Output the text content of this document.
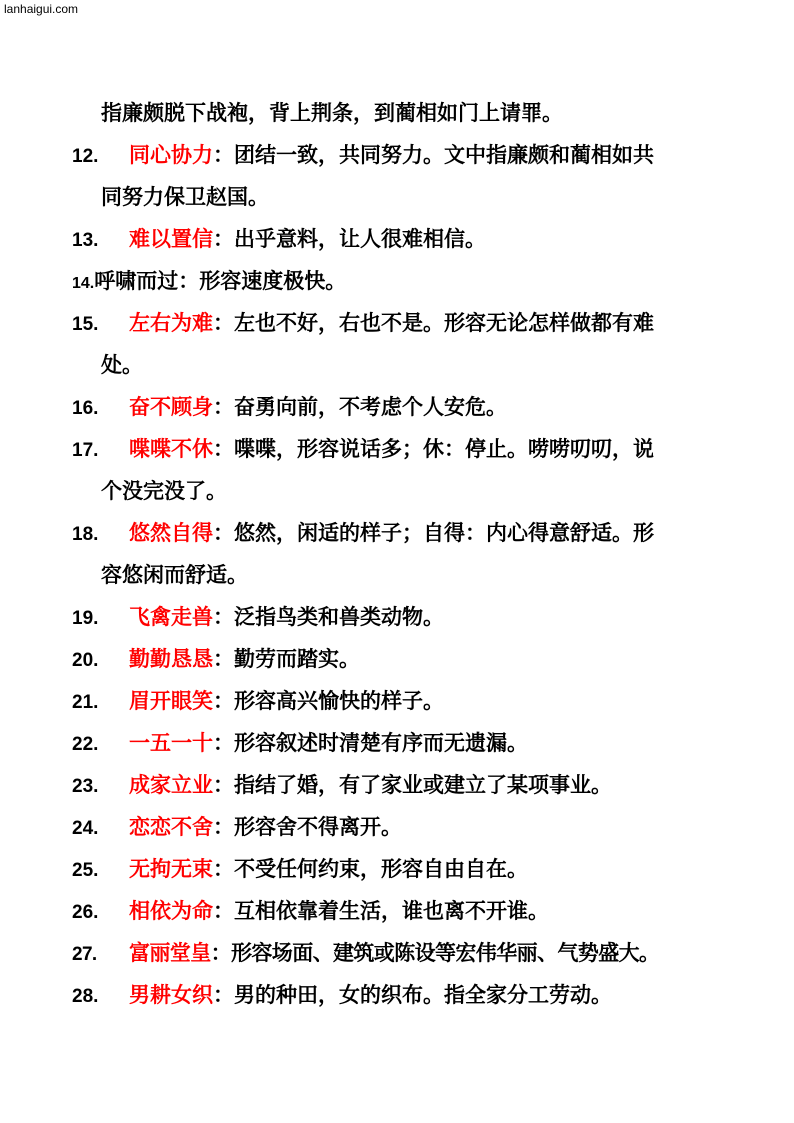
lanhaigui.com
指廉颇脱下战袍，背上荆条，到蔺相如门上请罪。
12. 同心协力：团结一致，共同努力。文中指廉颇和蔺相如共
同努力保卫赵国。
13. 难以置信：出乎意料，让人很难相信。
14.呼啸而过：形容速度极快。
15. 左右为难：左也不好，右也不是。形容无论怎样做都有难
处。
16. 奋不顾身：奋勇向前，不考虑个人安危。
17. 喋喋不休：喋喋，形容说话多；休：停止。唠唠叨叨，说
个没完没了。
18. 悠然自得：悠然，闲适的样子；自得：内心得意舒适。形
容悠闲而舒适。
19. 飞禽走兽：泛指鸟类和兽类动物。
20. 勤勤恳恳：勤劳而踏实。
21. 眉开眼笑：形容高兴愉快的样子。
22. 一五一十：形容叙述时清楚有序而无遗漏。
23. 成家立业：指结了婚，有了家业或建立了某项事业。
24. 恋恋不舍：形容舍不得离开。
25. 无拘无束：不受任何约束，形容自由自在。
26. 相依为命：互相依靠着生活，谁也离不开谁。
27. 富丽堂皇：形容场面、建筑或陈设等宏伟华丽、气势盛大。
28. 男耕女织：男的种田，女的织布。指全家分工劳动。
